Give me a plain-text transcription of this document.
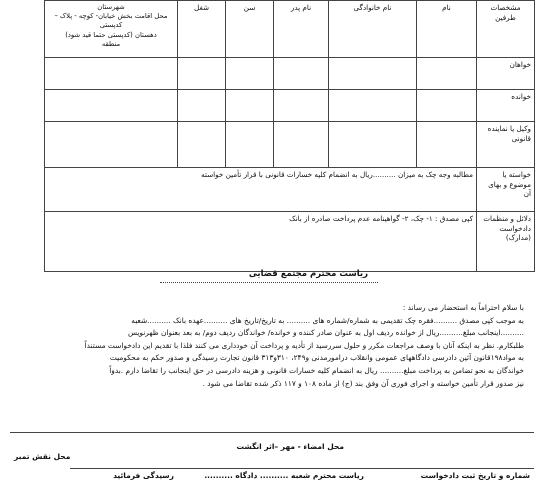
مشخصات طرفین	نام	نام خانوادگی	نام پدر	سن	شغل	شهرستان
محل اقامت بخش خیابان- کوچه - پلاک – کدپستی
دهستان (کدپستی حتما قید شود)
منطقه

خواهان						
خوانده						
وکیل یا نماینده قانونی						
خواسته یا موضوع و بهای آن	مطالبه وجه چک به میزان ..........ریال به انضمام کلیه خسارات قانونی با قرار تأمین خواسته					
دلائل و منظمات دادخواست (مدارک)	کپی مصدق : ۱- چک، ۲- گواهینامه عدم پرداخت صادره از بانک					
ریاست محترم مجتمع قضایی

با سلام احتراماً به استحضار می رساند :

به موجب کپی مصدق ..........فقره چک تقدیمی به شماره/شماره های .......... به تاریخ/تاریخ های ..........عهده بانک ..........شعبه

..........اینجانب مبلغ..........ریال از خوانده ردیف اول به عنوان صادر کننده و خوانده/ خواندگان ردیف دوم/ به بعد بعنوان ظهرنویس

طلبکارم. نظر به اینکه آنان با وصف مراجعات مکرر و حلول سررسید از تأدیه و پرداخت آن خودداری می کنند فلذا با تقدیم این دادخواست مستنداً

به مواد۱۹۸قانون آئین دادرسی دادگاههای عمومی وانقلاب درامورمدنی و۲۴۹، ۳۱۰و۳۱۳ قانون تجارت رسیدگی و صدور حکم به محکومیت

خواندگان به نحو تضامن به پرداخت مبلغ.......... ریال به انضمام کلیه خسارات قانونی و هزینه دادرسی در حق اینجانب را تقاضا دارم .بدواً

نیز صدور قرار تأمین خواسته و اجرای فوری آن وفق بند (ج) از ماده ۱۰۸ و ۱۱۷ ذکر شده تقاضا می شود .

محل امضاء - مهر –اثر انگشت
محل نقش تمبر
شماره و تاریخ ثبت دادخواست
ریاست محترم شعبه .......... دادگاه ..........
رسیدگی فرمائید
